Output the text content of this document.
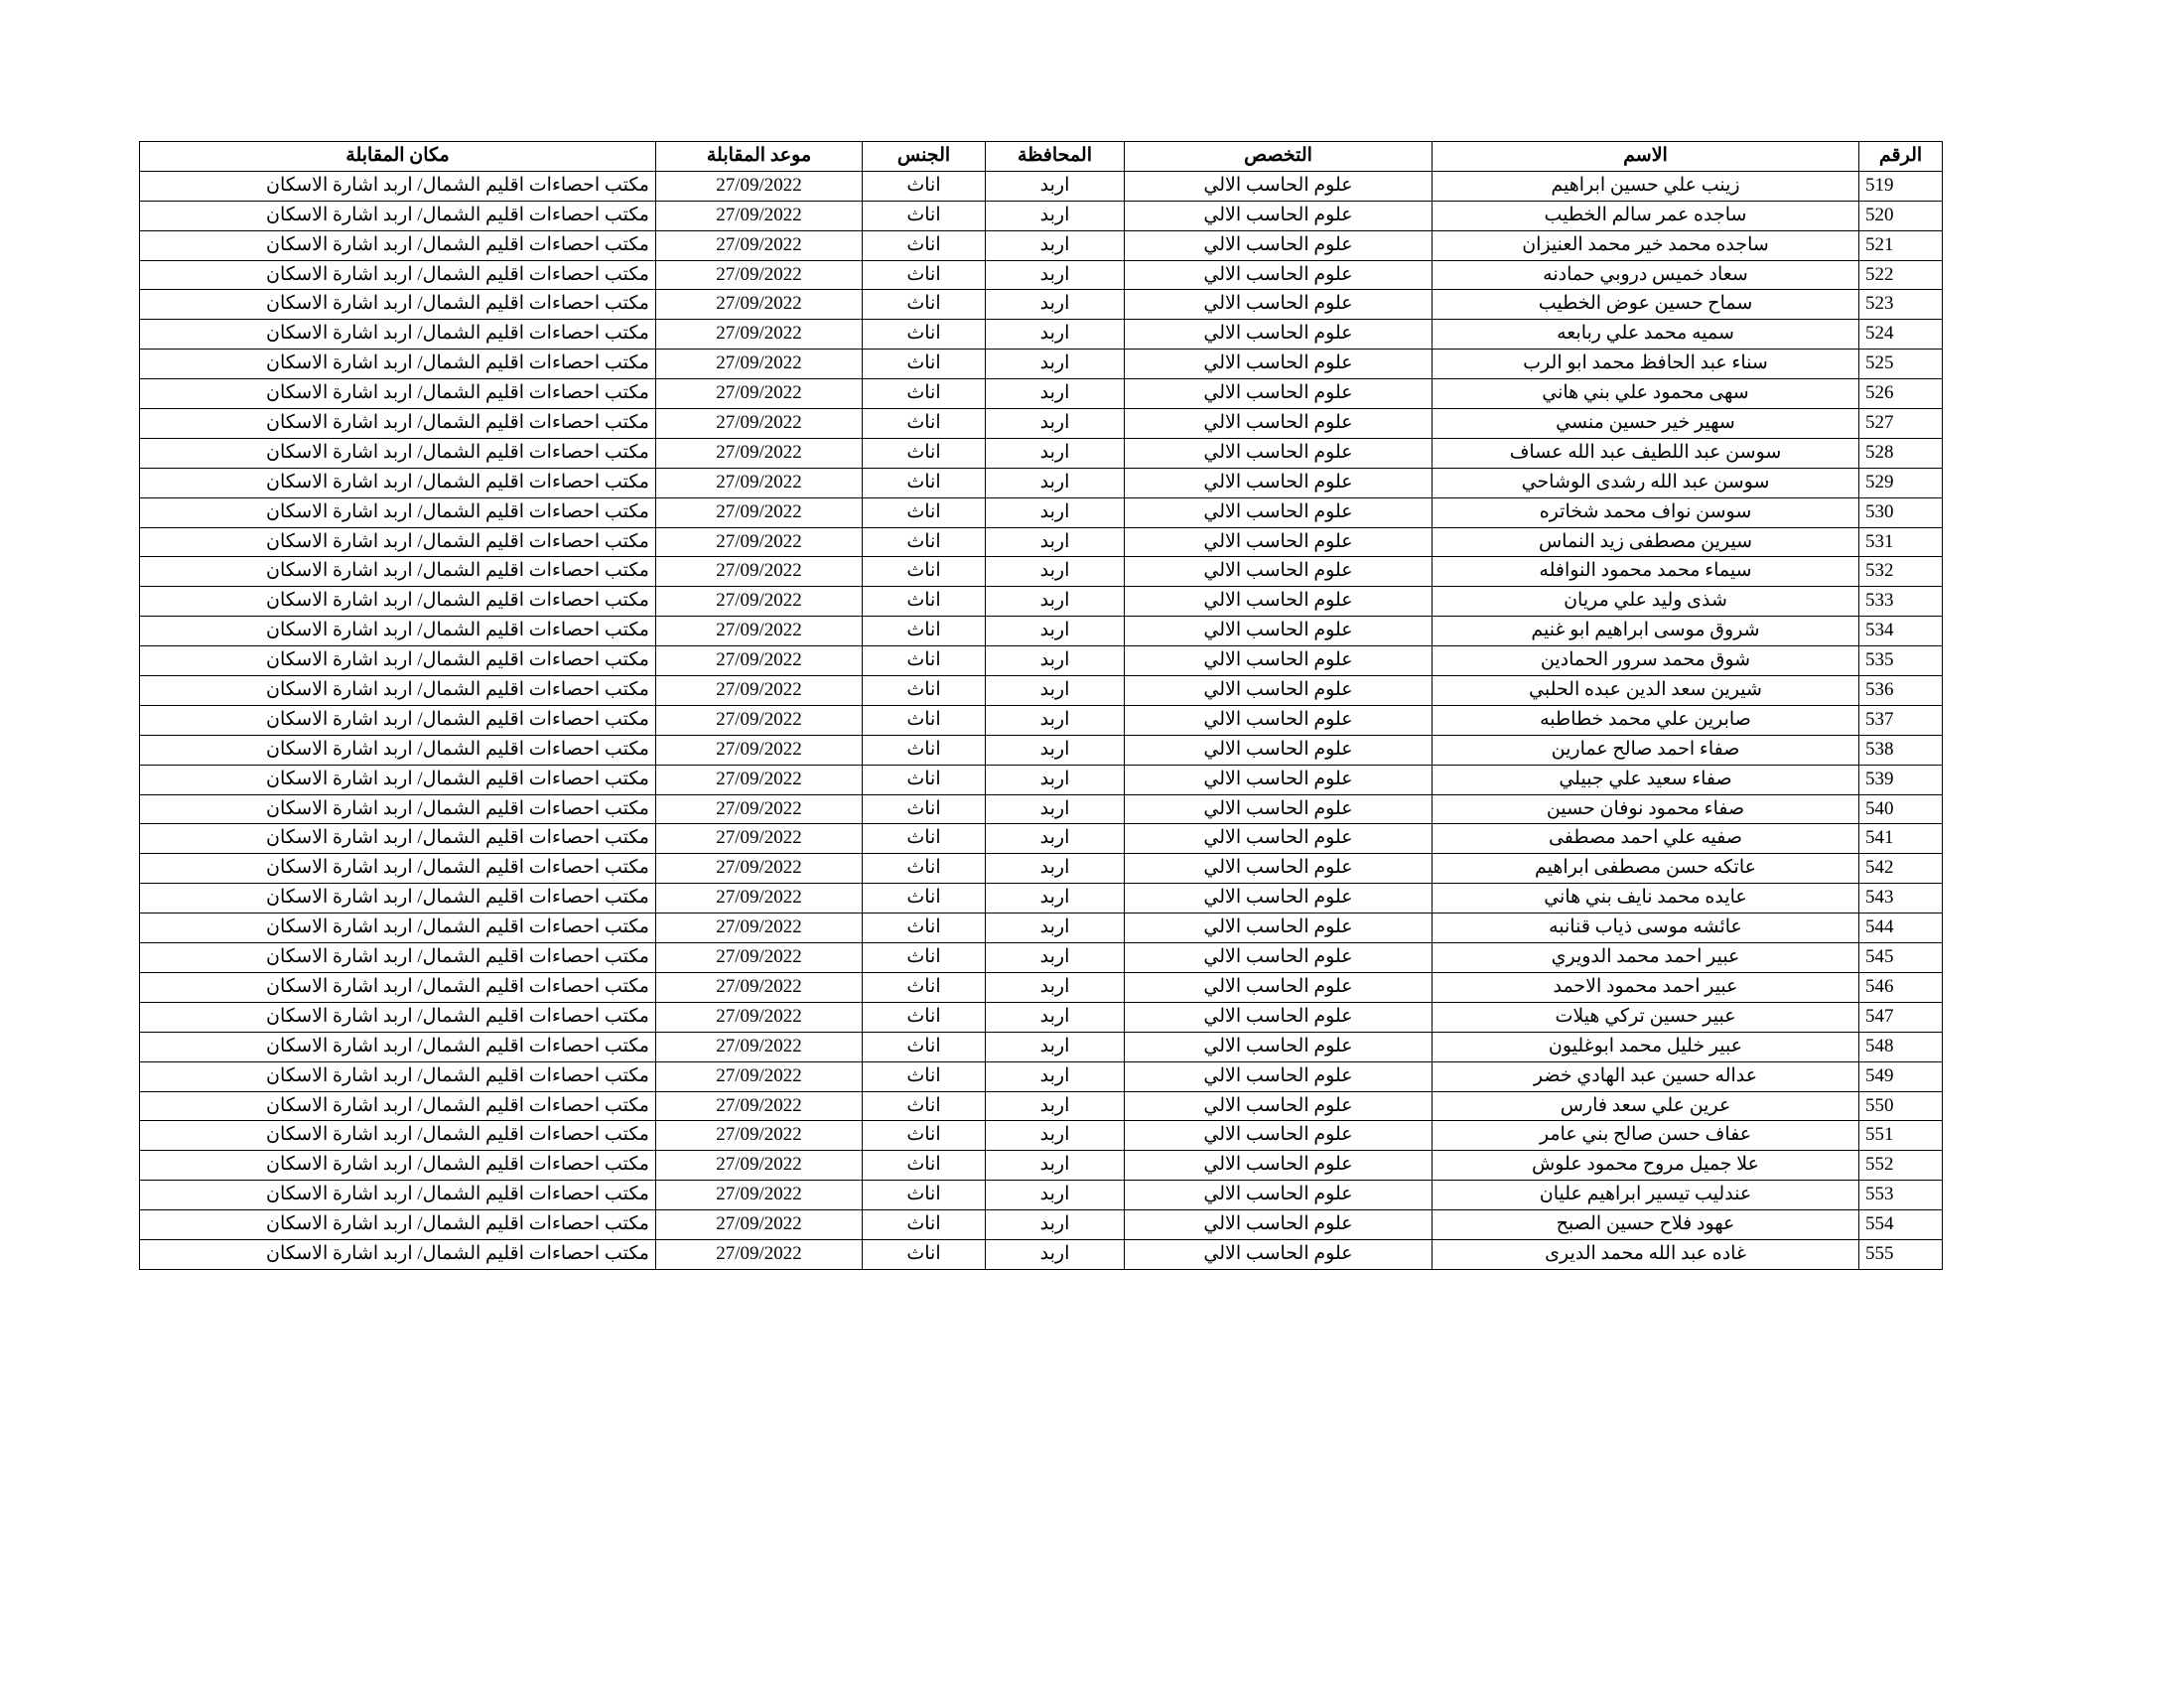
الرقم	الاسم	التخصص	المحافظة	الجنس	موعد المقابلة	مكان المقابلة
519	زينب علي حسين ابراهيم	علوم الحاسب الالي	اربد	اناث	27/09/2022	مكتب احصاءات اقليم الشمال/ اربد اشارة الاسكان
520	ساجده عمر سالم الخطيب	علوم الحاسب الالي	اربد	اناث	27/09/2022	مكتب احصاءات اقليم الشمال/ اربد اشارة الاسكان
521	ساجده محمد خير محمد العنيزان	علوم الحاسب الالي	اربد	اناث	27/09/2022	مكتب احصاءات اقليم الشمال/ اربد اشارة الاسكان
522	سعاد خميس دروبي حمادنه	علوم الحاسب الالي	اربد	اناث	27/09/2022	مكتب احصاءات اقليم الشمال/ اربد اشارة الاسكان
523	سماح حسين عوض الخطيب	علوم الحاسب الالي	اربد	اناث	27/09/2022	مكتب احصاءات اقليم الشمال/ اربد اشارة الاسكان
524	سميه محمد علي ربابعه	علوم الحاسب الالي	اربد	اناث	27/09/2022	مكتب احصاءات اقليم الشمال/ اربد اشارة الاسكان
525	سناء عبد الحافظ محمد ابو الرب	علوم الحاسب الالي	اربد	اناث	27/09/2022	مكتب احصاءات اقليم الشمال/ اربد اشارة الاسكان
526	سهى محمود علي بني هاني	علوم الحاسب الالي	اربد	اناث	27/09/2022	مكتب احصاءات اقليم الشمال/ اربد اشارة الاسكان
527	سهير خير حسين منسي	علوم الحاسب الالي	اربد	اناث	27/09/2022	مكتب احصاءات اقليم الشمال/ اربد اشارة الاسكان
528	سوسن عبد اللطيف عبد الله عساف	علوم الحاسب الالي	اربد	اناث	27/09/2022	مكتب احصاءات اقليم الشمال/ اربد اشارة الاسكان
529	سوسن عبد الله رشدى الوشاحي	علوم الحاسب الالي	اربد	اناث	27/09/2022	مكتب احصاءات اقليم الشمال/ اربد اشارة الاسكان
530	سوسن نواف محمد شخاتره	علوم الحاسب الالي	اربد	اناث	27/09/2022	مكتب احصاءات اقليم الشمال/ اربد اشارة الاسكان
531	سيرين مصطفى زيد النماس	علوم الحاسب الالي	اربد	اناث	27/09/2022	مكتب احصاءات اقليم الشمال/ اربد اشارة الاسكان
532	سيماء محمد محمود النوافله	علوم الحاسب الالي	اربد	اناث	27/09/2022	مكتب احصاءات اقليم الشمال/ اربد اشارة الاسكان
533	شذى وليد علي مريان	علوم الحاسب الالي	اربد	اناث	27/09/2022	مكتب احصاءات اقليم الشمال/ اربد اشارة الاسكان
534	شروق موسى ابراهيم ابو غنيم	علوم الحاسب الالي	اربد	اناث	27/09/2022	مكتب احصاءات اقليم الشمال/ اربد اشارة الاسكان
535	شوق محمد سرور الحمادين	علوم الحاسب الالي	اربد	اناث	27/09/2022	مكتب احصاءات اقليم الشمال/ اربد اشارة الاسكان
536	شيرين سعد الدين عبده الحلبي	علوم الحاسب الالي	اربد	اناث	27/09/2022	مكتب احصاءات اقليم الشمال/ اربد اشارة الاسكان
537	صابرين علي محمد خطاطبه	علوم الحاسب الالي	اربد	اناث	27/09/2022	مكتب احصاءات اقليم الشمال/ اربد اشارة الاسكان
538	صفاء احمد صالح عمارين	علوم الحاسب الالي	اربد	اناث	27/09/2022	مكتب احصاءات اقليم الشمال/ اربد اشارة الاسكان
539	صفاء سعيد علي جبيلي	علوم الحاسب الالي	اربد	اناث	27/09/2022	مكتب احصاءات اقليم الشمال/ اربد اشارة الاسكان
540	صفاء محمود نوفان حسين	علوم الحاسب الالي	اربد	اناث	27/09/2022	مكتب احصاءات اقليم الشمال/ اربد اشارة الاسكان
541	صفيه علي احمد مصطفى	علوم الحاسب الالي	اربد	اناث	27/09/2022	مكتب احصاءات اقليم الشمال/ اربد اشارة الاسكان
542	عاتكه حسن مصطفى ابراهيم	علوم الحاسب الالي	اربد	اناث	27/09/2022	مكتب احصاءات اقليم الشمال/ اربد اشارة الاسكان
543	عايده محمد نايف بني هاني	علوم الحاسب الالي	اربد	اناث	27/09/2022	مكتب احصاءات اقليم الشمال/ اربد اشارة الاسكان
544	عائشه موسى ذياب قنانبه	علوم الحاسب الالي	اربد	اناث	27/09/2022	مكتب احصاءات اقليم الشمال/ اربد اشارة الاسكان
545	عبير احمد محمد الدويري	علوم الحاسب الالي	اربد	اناث	27/09/2022	مكتب احصاءات اقليم الشمال/ اربد اشارة الاسكان
546	عبير احمد محمود الاحمد	علوم الحاسب الالي	اربد	اناث	27/09/2022	مكتب احصاءات اقليم الشمال/ اربد اشارة الاسكان
547	عبير حسين تركي هيلات	علوم الحاسب الالي	اربد	اناث	27/09/2022	مكتب احصاءات اقليم الشمال/ اربد اشارة الاسكان
548	عبير خليل محمد ابوغليون	علوم الحاسب الالي	اربد	اناث	27/09/2022	مكتب احصاءات اقليم الشمال/ اربد اشارة الاسكان
549	عداله حسين عبد الهادي خضر	علوم الحاسب الالي	اربد	اناث	27/09/2022	مكتب احصاءات اقليم الشمال/ اربد اشارة الاسكان
550	عرين علي سعد فارس	علوم الحاسب الالي	اربد	اناث	27/09/2022	مكتب احصاءات اقليم الشمال/ اربد اشارة الاسكان
551	عفاف حسن صالح بني عامر	علوم الحاسب الالي	اربد	اناث	27/09/2022	مكتب احصاءات اقليم الشمال/ اربد اشارة الاسكان
552	علا جميل مروح محمود علوش	علوم الحاسب الالي	اربد	اناث	27/09/2022	مكتب احصاءات اقليم الشمال/ اربد اشارة الاسكان
553	عندليب تيسير ابراهيم عليان	علوم الحاسب الالي	اربد	اناث	27/09/2022	مكتب احصاءات اقليم الشمال/ اربد اشارة الاسكان
554	عهود فلاح حسين الصبح	علوم الحاسب الالي	اربد	اناث	27/09/2022	مكتب احصاءات اقليم الشمال/ اربد اشارة الاسكان
555	غاده عبد الله محمد الديرى	علوم الحاسب الالي	اربد	اناث	27/09/2022	مكتب احصاءات اقليم الشمال/ اربد اشارة الاسكان
